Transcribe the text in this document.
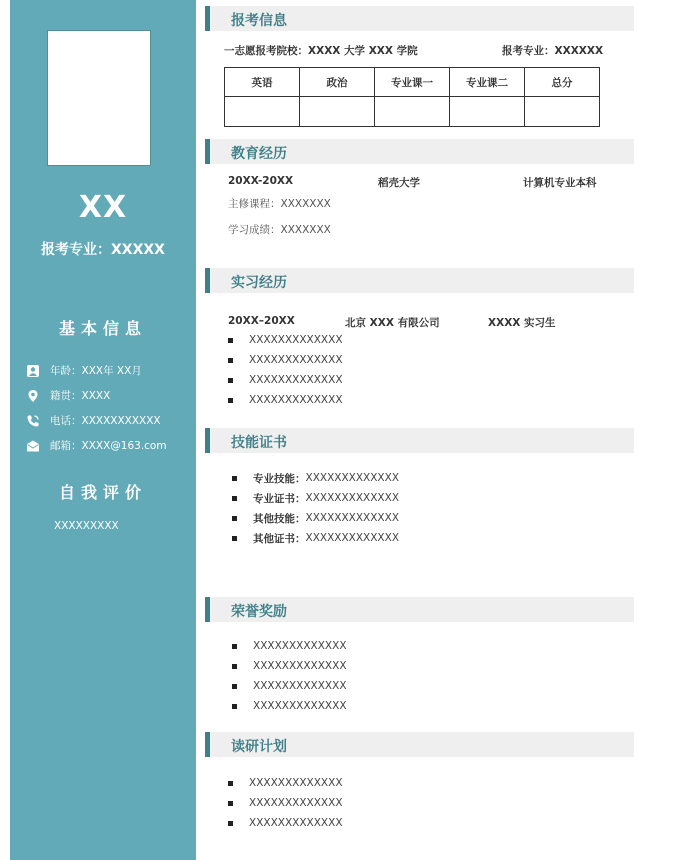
XX
报考专业：XXXXX
基本信息
年龄：XXX年 XX月
籍贯：XXXX
电话：XXXXXXXXXXX
邮箱：XXXX@163.com
自我评价
XXXXXXXXX
报考信息
一志愿报考院校：XXXX 大学 XXX 学院	报考专业：XXXXXX
英语	政治	专业课一	专业课二	总分

教育经历
20XX-20XX	稻壳大学	计算机专业本科
主修课程：XXXXXXX
学习成绩：XXXXXXX
实习经历
20XX–20XX	北京 XXX 有限公司	XXXX 实习生
XXXXXXXXXXXXX
XXXXXXXXXXXXX
XXXXXXXXXXXXX
XXXXXXXXXXXXX
技能证书
专业技能： XXXXXXXXXXXXX
专业证书： XXXXXXXXXXXXX
其他技能： XXXXXXXXXXXXX
其他证书： XXXXXXXXXXXXX
荣誉奖励
XXXXXXXXXXXXX
XXXXXXXXXXXXX
XXXXXXXXXXXXX
XXXXXXXXXXXXX
读研计划
XXXXXXXXXXXXX
XXXXXXXXXXXXX
XXXXXXXXXXXXX
